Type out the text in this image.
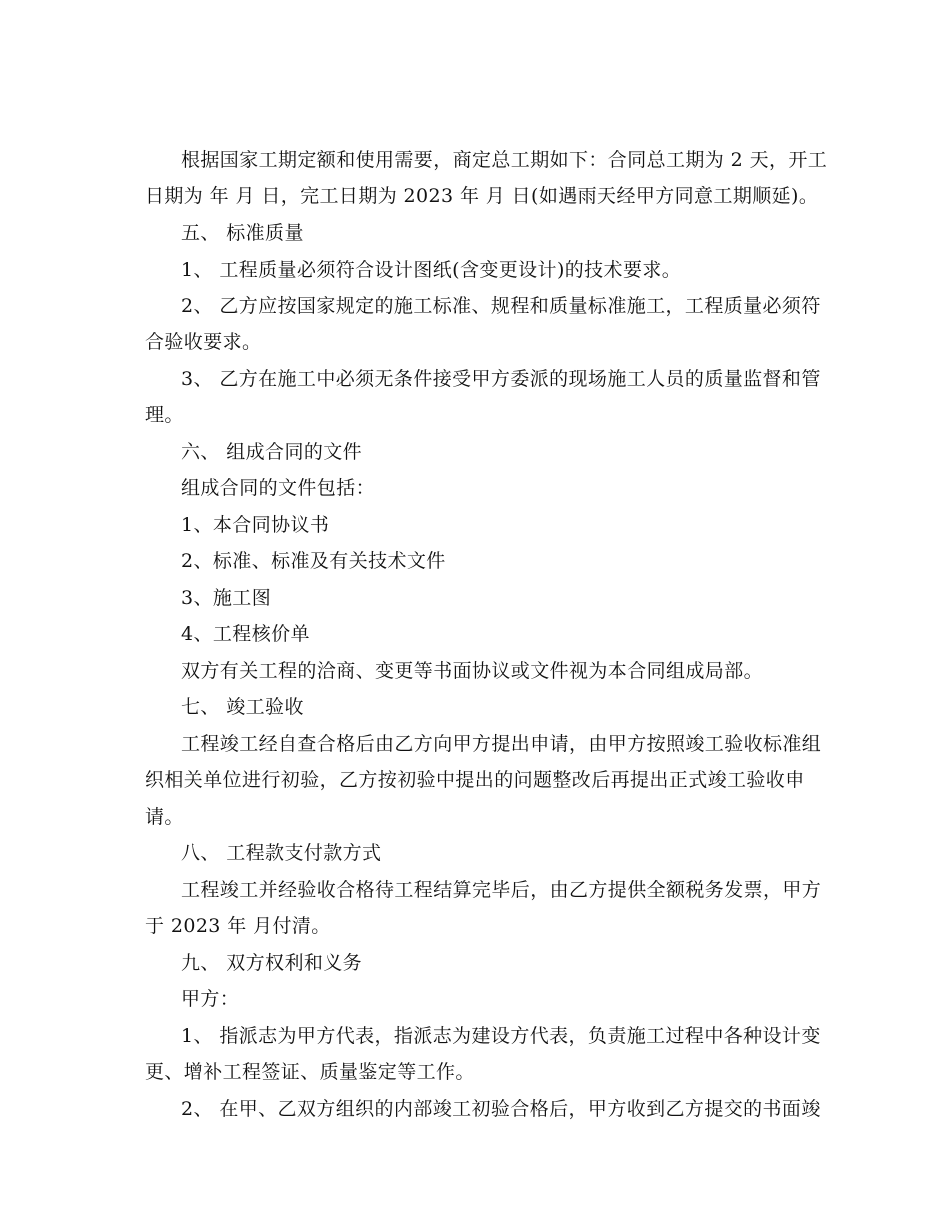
根据国家工期定额和使用需要，商定总工期如下：合同总工期为 2 天，开工

日期为 年 月 日，完工日期为 2023 年 月 日(如遇雨天经甲方同意工期顺延)。

五、 标准质量

1、 工程质量必须符合设计图纸(含变更设计)的技术要求。

2、 乙方应按国家规定的施工标准、规程和质量标准施工，工程质量必须符

合验收要求。

3、 乙方在施工中必须无条件接受甲方委派的现场施工人员的质量监督和管

理。

六、 组成合同的文件

组成合同的文件包括：

1、本合同协议书

2、标准、标准及有关技术文件

3、施工图

4、工程核价单

双方有关工程的洽商、变更等书面协议或文件视为本合同组成局部。

七、 竣工验收

工程竣工经自查合格后由乙方向甲方提出申请，由甲方按照竣工验收标准组

织相关单位进行初验，乙方按初验中提出的问题整改后再提出正式竣工验收申

请。

八、 工程款支付款方式

工程竣工并经验收合格待工程结算完毕后，由乙方提供全额税务发票，甲方

于 2023 年 月付清。

九、 双方权利和义务

甲方：

1、 指派志为甲方代表，指派志为建设方代表，负责施工过程中各种设计变

更、增补工程签证、质量鉴定等工作。

2、 在甲、乙双方组织的内部竣工初验合格后，甲方收到乙方提交的书面竣
